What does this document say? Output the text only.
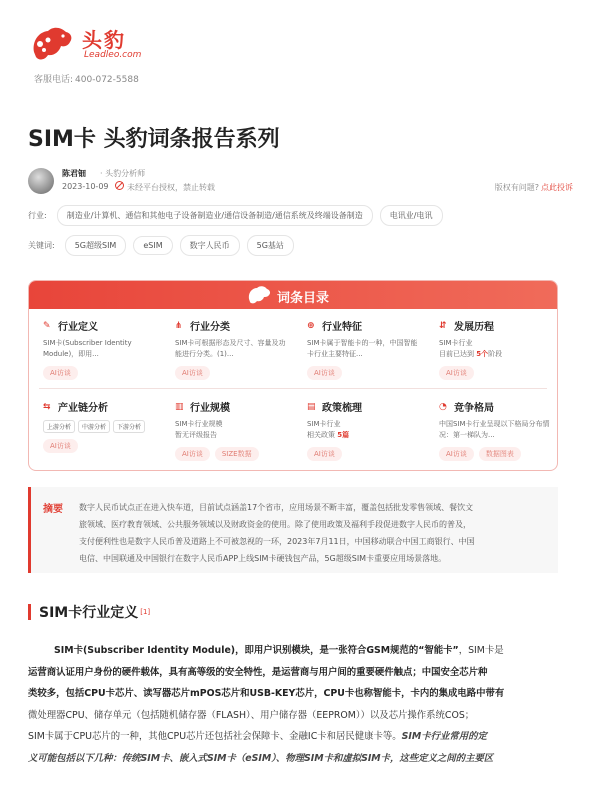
头豹
Leadleo.com
客服电话: 400-072-5588
SIM卡 头豹词条报告系列
陈君钿 · 头豹分析师
2023-10-09 未经平台授权，禁止转载	版权有问题? 点此投诉
行业:	制造业/计算机、通信和其他电子设备制造业/通信设备制造/通信系统及终端设备制造	电讯业/电讯
关键词:	5G超级SIM	eSIM	数字人民币	5G基站
词条目录
✎ 行业定义
SIM卡(Subscriber Identity Module)，即用...
AI访谈
⋔ 行业分类
SIM卡可根据形态及尺寸、容量及功能进行分类。(1)...
AI访谈
⊕ 行业特征
SIM卡属于智能卡的一种，中国智能卡行业主要特征...
AI访谈
⇵ 发展历程
SIM卡行业
目前已达到 5个阶段
AI访谈
⇆ 产业链分析
上游分析 中游分析 下游分析
AI访谈
▥ 行业规模
SIM卡行业规模
暂无评级报告
AI访谈	SIZE数据
▤ 政策梳理
SIM卡行业
相关政策 5篇
AI访谈
◔ 竞争格局
中国SIM卡行业呈现以下格局分布情况：第一梯队为...
AI访谈	数据图表
摘要 数字人民币试点正在进入快车道，目前试点涵盖17个省市，应用场景不断丰富，覆盖包括批发零售领域、餐饮文
旅领域、医疗教育领域、公共服务领域以及财政资金的使用。除了使用政策及福利手段促进数字人民币的普及，
支付便利性也是数字人民币普及道路上不可被忽视的一环，2023年7月11日，中国移动联合中国工商银行、中国
电信、中国联通及中国银行在数字人民币APP上线SIM卡硬钱包产品，5G超级SIM卡重要应用场景落地。
SIM卡行业定义 [1]
SIM卡(Subscriber Identity Module)，即用户识别模块，是一张符合GSM规范的“智能卡”，SIM卡是
运营商认证用户身份的硬件载体，具有高等级的安全特性，是运营商与用户间的重要硬件触点；中国安全芯片种
类较多，包括CPU卡芯片、读写器芯片mPOS芯片和USB-KEY芯片，CPU卡也称智能卡，卡内的集成电路中带有
微处理器CPU、储存单元（包括随机储存器（FLASH）、用户储存器（EEPROM））以及芯片操作系统COS；
SIM卡属于CPU芯片的一种，其他CPU芯片还包括社会保障卡、金融IC卡和居民健康卡等。SIM卡行业常用的定
义可能包括以下几种：传统SIM卡、嵌入式SIM卡（eSIM）、物理SIM卡和虚拟SIM卡，这些定义之间的主要区
